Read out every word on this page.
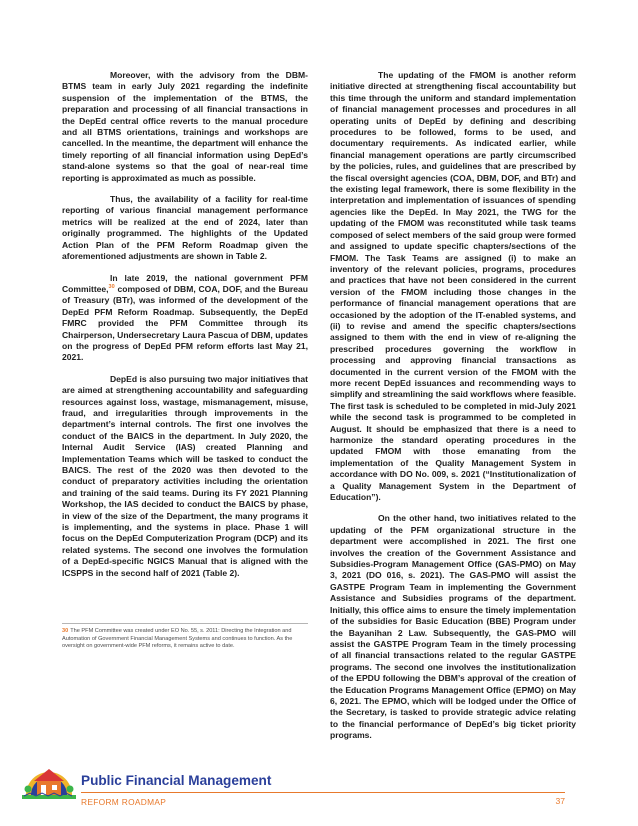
Moreover, with the advisory from the DBM-BTMS team in early July 2021 regarding the indefinite suspension of the implementation of the BTMS, the preparation and processing of all financial transactions in the DepEd central office reverts to the manual procedure and all BTMS orientations, trainings and workshops are cancelled. In the meantime, the department will enhance the timely reporting of all financial information using DepEd’s stand-alone systems so that the goal of near-real time reporting is approximated as much as possible.

Thus, the availability of a facility for real-time reporting of various financial management performance metrics will be realized at the end of 2024, later than originally programmed. The highlights of the Updated Action Plan of the PFM Reform Roadmap given the aforementioned adjustments are shown in Table 2.

In late 2019, the national government PFM Committee,$^{30}$ composed of DBM, COA, DOF, and the Bureau of Treasury (BTr), was informed of the development of the DepEd PFM Reform Roadmap. Subsequently, the DepEd FMRC provided the PFM Committee through its Chairperson, Undersecretary Laura Pascua of DBM, updates on the progress of DepEd PFM reform efforts last May 21, 2021.

DepEd is also pursuing two major initiatives that are aimed at strengthening accountability and safeguarding resources against loss, wastage, mismanagement, misuse, fraud, and irregularities through improvements in the department’s internal controls. The first one involves the conduct of the BAICS in the department. In July 2020, the Internal Audit Service (IAS) created Planning and Implementation Teams which will be tasked to conduct the BAICS. The rest of the 2020 was then devoted to the conduct of preparatory activities including the orientation and training of the said teams. During its FY 2021 Planning Workshop, the IAS decided to conduct the BAICS by phase, in view of the size of the Department, the many programs it is implementing, and the systems in place. Phase 1 will focus on the DepEd Computerization Program (DCP) and its related systems. The second one involves the formulation of a DepEd-specific NGICS Manual that is aligned with the ICSPPS in the second half of 2021 (Table 2).

30 The PFM Committee was created under EO No. 55, s. 2011: Directing the Integration and Automation of Government Financial Management Systems and continues to function. As the oversight on government-wide PFM reforms, it remains active to date.

The updating of the FMOM is another reform initiative directed at strengthening fiscal accountability but this time through the uniform and standard implementation of financial management processes and procedures in all operating units of DepEd by defining and describing procedures to be followed, forms to be used, and documentary requirements. As indicated earlier, while financial management operations are partly circumscribed by the policies, rules, and guidelines that are prescribed by the fiscal oversight agencies (COA, DBM, DOF, and BTr) and the existing legal framework, there is some flexibility in the interpretation and implementation of issuances of spending agencies like the DepEd. In May 2021, the TWG for the updating of the FMOM was reconstituted while task teams composed of select members of the said group were formed and assigned to update specific chapters/sections of the FMOM. The Task Teams are assigned (i) to make an inventory of the relevant policies, programs, procedures and practices that have not been considered in the current version of the FMOM including those changes in the performance of financial management operations that are occasioned by the adoption of the IT-enabled systems, and (ii) to revise and amend the specific chapters/sections assigned to them with the end in view of re-aligning the prescribed procedures governing the workflow in processing and approving financial transactions as documented in the current version of the FMOM with the more recent DepEd issuances and recommending ways to simplify and streamlining the said workflows where feasible. The first task is scheduled to be completed in mid-July 2021 while the second task is programmed to be completed in August. It should be emphasized that there is a need to harmonize the standard operating procedures in the updated FMOM with those emanating from the implementation of the Quality Management System in accordance with DO No. 009, s. 2021 (“Institutionalization of a Quality Management System in the Department of Education”).

On the other hand, two initiatives related to the updating of the PFM organizational structure in the department were accomplished in 2021. The first one involves the creation of the Government Assistance and Subsidies-Program Management Office (GAS-PMO) on May 3, 2021 (DO 016, s. 2021). The GAS-PMO will assist the GASTPE Program Team in implementing the Government Assistance and Subsidies programs of the department. Initially, this office aims to ensure the timely implementation of the subsidies for Basic Education (BBE) Program under the Bayanihan 2 Law. Subsequently, the GAS-PMO will assist the GASTPE Program Team in the timely processing of all financial transactions related to the regular GASTPE programs. The second one involves the institutionalization of the EPDU following the DBM’s approval of the creation of the Education Programs Management Office (EPMO) on May 6, 2021. The EPMO, which will be lodged under the Office of the Secretary, is tasked to provide strategic advice relating to the financial performance of DepEd’s big ticket priority programs.

Public Financial Management
REFORM ROADMAP	37
